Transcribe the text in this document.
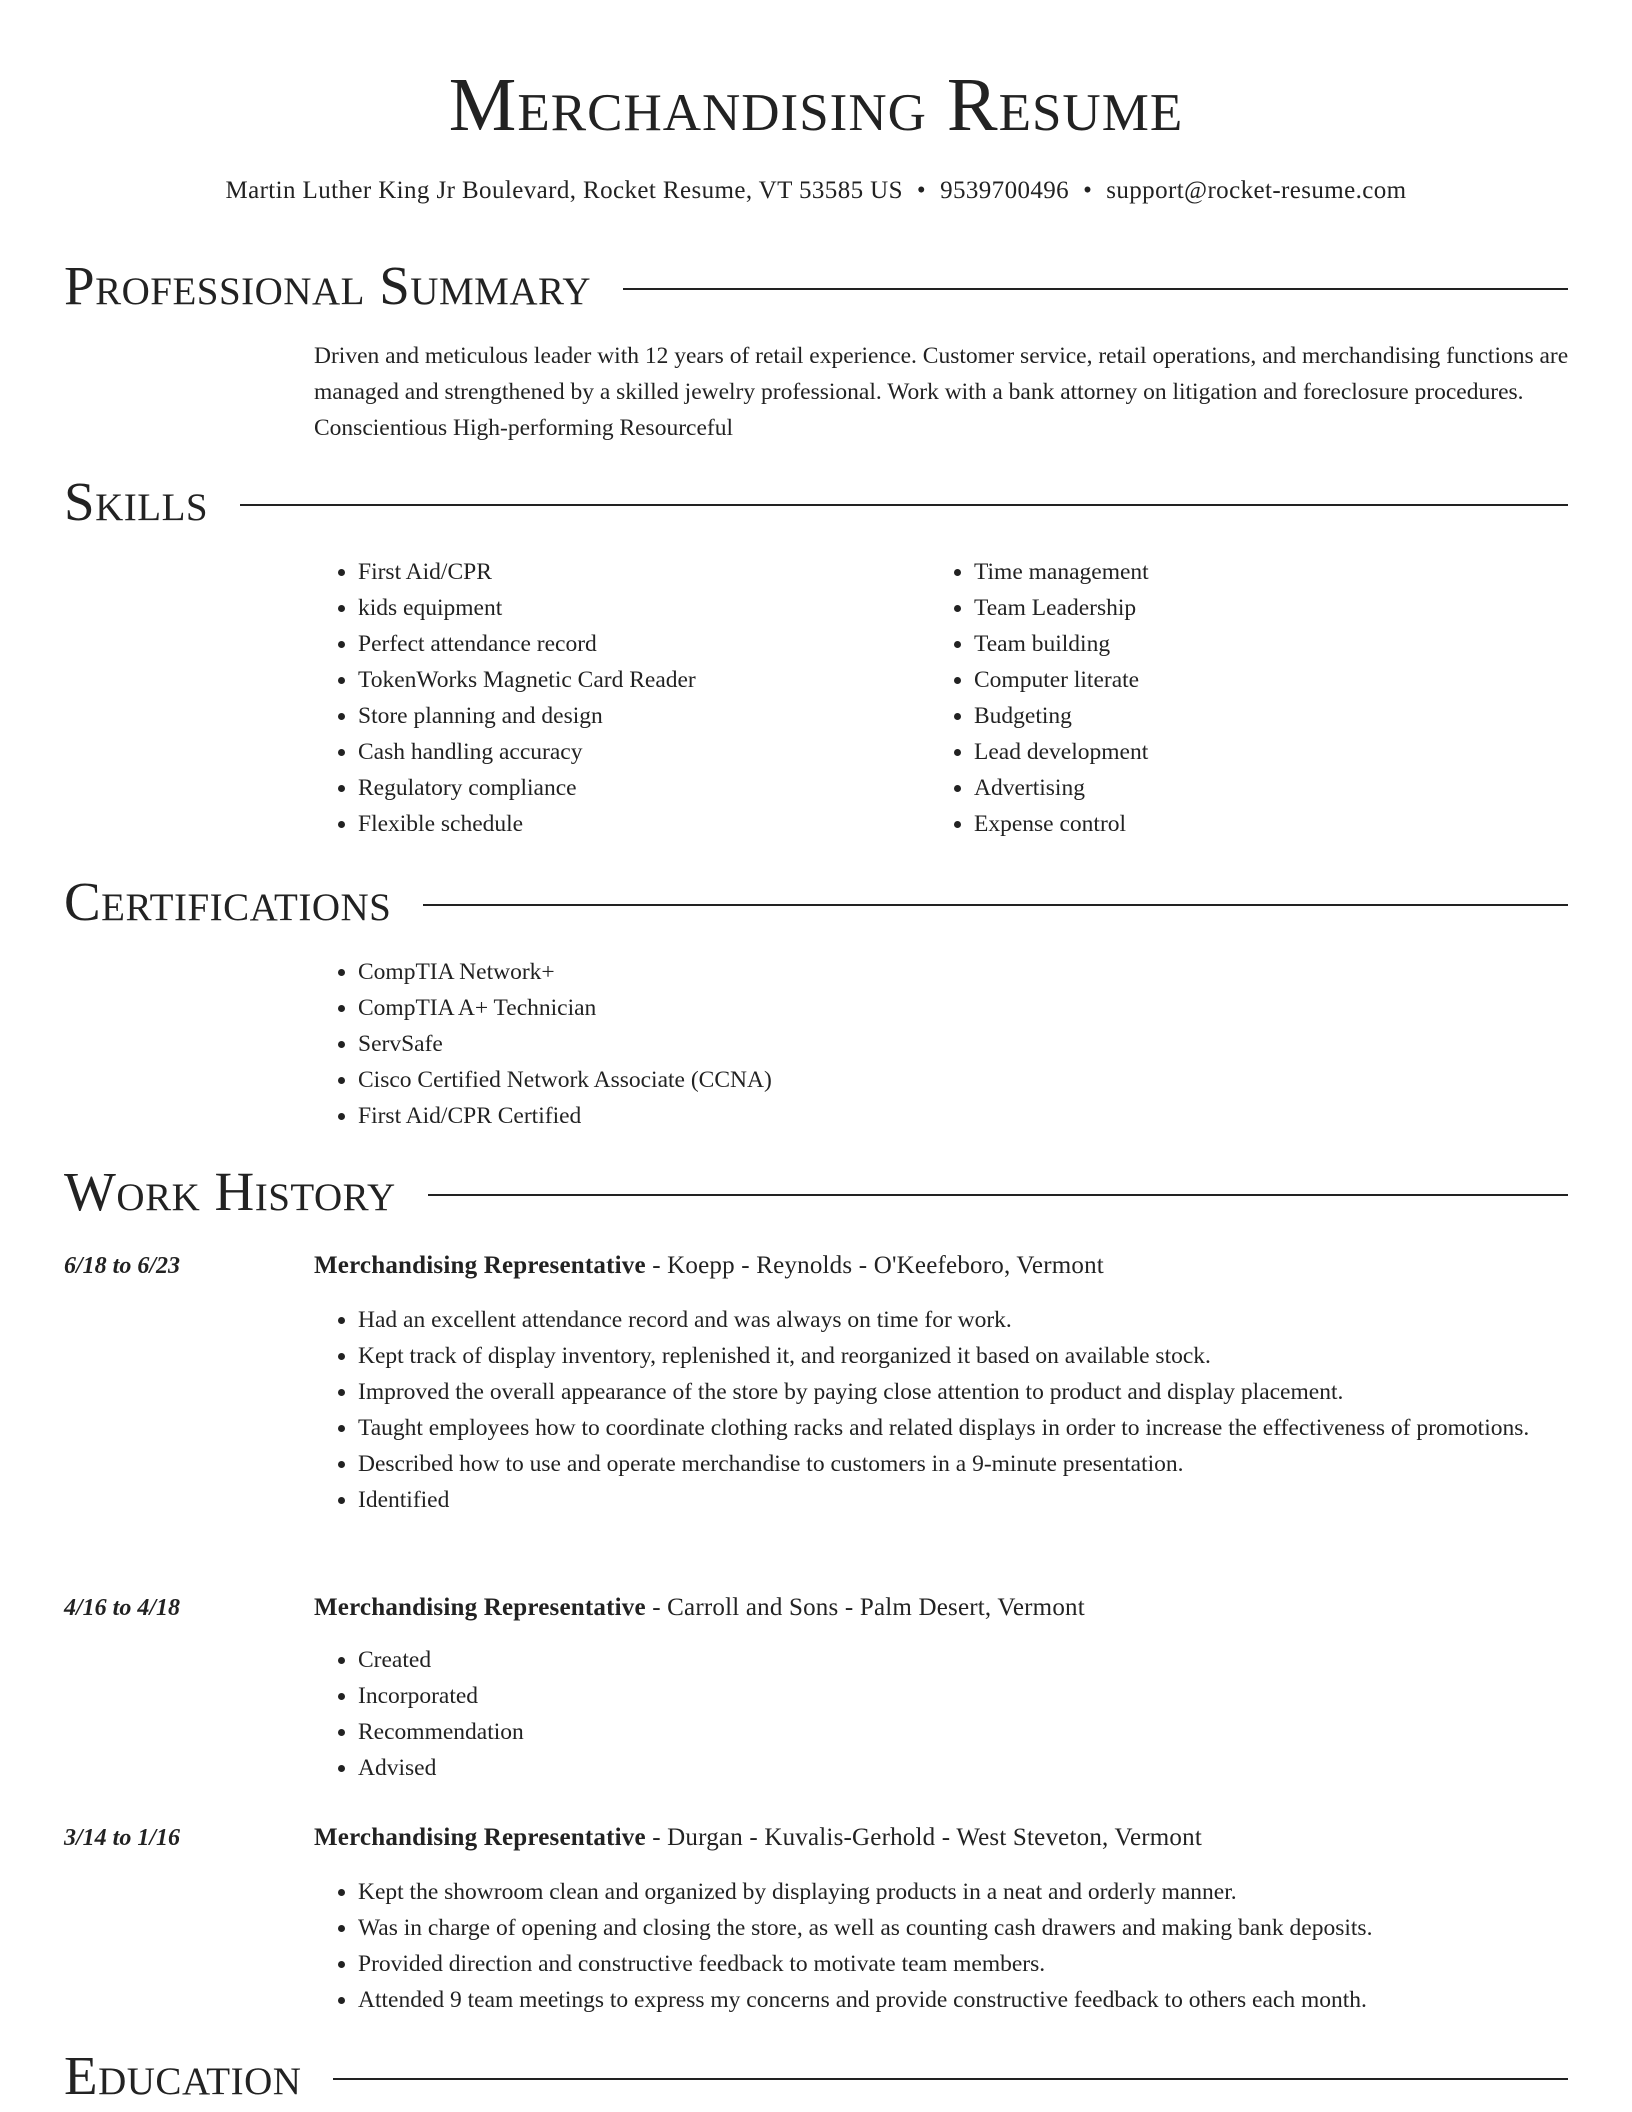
Merchandising Resume
Martin Luther King Jr Boulevard, Rocket Resume, VT 53585 US • 9539700496 • support@rocket-resume.com
Professional Summary

Driven and meticulous leader with 12 years of retail experience. Customer service, retail operations, and merchandising functions are managed and strengthened by a skilled jewelry professional. Work with a bank attorney on litigation and foreclosure procedures. Conscientious High-performing Resourceful

Skills
• First Aid/CPR
• kids equipment
• Perfect attendance record
• TokenWorks Magnetic Card Reader
• Store planning and design
• Cash handling accuracy
• Regulatory compliance
• Flexible schedule
• Time management
• Team Leadership
• Team building
• Computer literate
• Budgeting
• Lead development
• Advertising
• Expense control
Certifications
• CompTIA Network+
• CompTIA A+ Technician
• ServSafe
• Cisco Certified Network Associate (CCNA)
• First Aid/CPR Certified
Work History
6/18 to 6/23	Merchandising Representative - Koepp - Reynolds - O'Keefeboro, Vermont
• Had an excellent attendance record and was always on time for work.
• Kept track of display inventory, replenished it, and reorganized it based on available stock.
• Improved the overall appearance of the store by paying close attention to product and display placement.
• Taught employees how to coordinate clothing racks and related displays in order to increase the effectiveness of promotions.
• Described how to use and operate merchandise to customers in a 9-minute presentation.
• Identified
4/16 to 4/18	Merchandising Representative - Carroll and Sons - Palm Desert, Vermont
• Created
• Incorporated
• Recommendation
• Advised
3/14 to 1/16	Merchandising Representative - Durgan - Kuvalis-Gerhold - West Steveton, Vermont
• Kept the showroom clean and organized by displaying products in a neat and orderly manner.
• Was in charge of opening and closing the store, as well as counting cash drawers and making bank deposits.
• Provided direction and constructive feedback to motivate team members.
• Attended 9 team meetings to express my concerns and provide constructive feedback to others each month.
Education
